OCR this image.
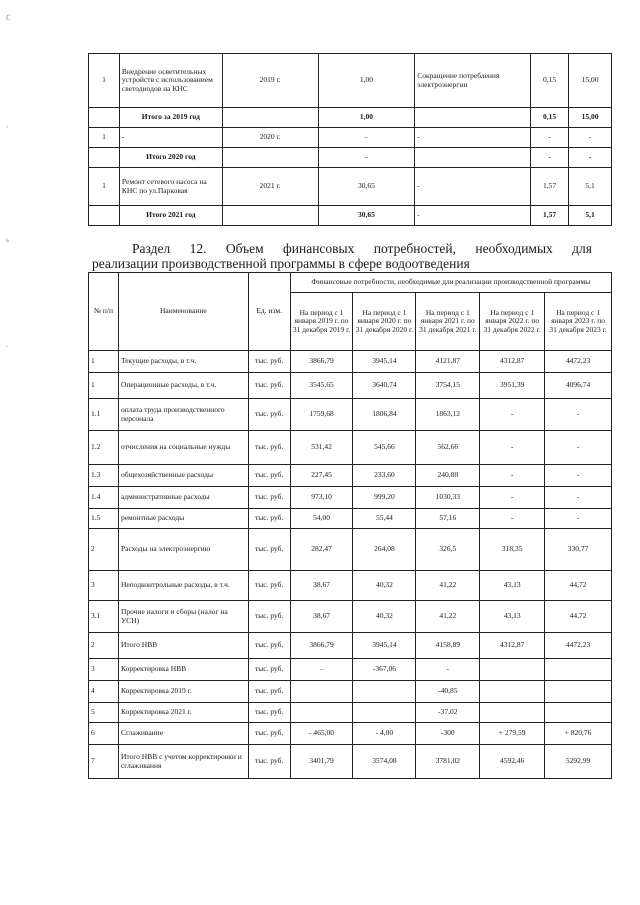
ℂ
ʼ
ь
·
1	Внедрение осветительных устройств с использованием светодиодов на КНС	2019 г.	1,00	Сокращение потребления электроэнергии	0,15	15,00
	Итого за 2019 год		1,00		0,15	15,00
1	-	2020 г.	-	-	-	-
	Итого 2020 год		-		-	-
1	Ремонт сетевого насоса на КНС по ул.Парковая	2021 г.	30,65	-	1,57	5,1
	Итого 2021 год		30,65	-	1,57	5,1
Раздел 12. Объем финансовых потребностей, необходимых для
реализации производственной программы в сфере водоотведения
№ п/п	Наименование	Ед. изм.	Финансовые потребности, необходимые для реализации производственной программы				
			На период с 1 января 2019 г. по 31 декабря 2019 г.	На период с 1 января 2020 г. по 31 декабря 2020 г.	На период с 1 января 2021 г. по 31 декабря 2021 г.	На период с 1 января 2022 г. по 31 декабря 2022 г.	На период с 1 января 2023 г. по 31 декабря 2023 г.
1	Текущие расходы, в т.ч.	тыс. руб.	3866,79	3945,14	4121,87	4312,87	4472,23
1	Операционные расходы, в т.ч.	тыс. руб.	3545,65	3640,74	3754,15	3951,39	4096,74
1.1	оплата труда производственного персонала	тыс. руб.	1759,68	1806,84	1863,12	-	-
1.2	отчисления на социальные нужды	тыс. руб.	531,42	545,66	562,66	-	-
1.3	общехозяйственные расходы	тыс. руб.	227,45	233,60	240,88	-	-
1.4	административные расходы	тыс. руб.	973,10	999,20	1030,33	-	-
1.5	ремонтные расходы	тыс. руб.	54,00	55,44	57,16	-	-
2	Расходы на электроэнергию	тыс. руб.	282,47	264,08	326,5	318,35	330,77
3	Неподконтрольные расходы, в т.ч.	тыс. руб.	38,67	40,32	41,22	43,13	44,72
3.1	Прочие налоги и сборы (налог на УСН)	тыс. руб.	38,67	40,32	41,22	43,13	44,72
2	Итого НВВ	тыс. руб.	3866,79	3945,14	4158,89	4312,87	4472,23
3	Корректировка НВВ	тыс. руб.	-	-367,06	-		
4	Корректировка 2019 г.	тыс. руб.			-40,85		
5	Корректировка 2021 г.	тыс. руб.			-37,02		
6	Сглаживание	тыс. руб.	- 465,00	- 4,00	-300	+ 279,59	+ 820,76
7	Итого НВВ с учетом корректировки и сглаживания	тыс. руб.	3401,79	3574,08	3781,02	4592,46	5292,99
